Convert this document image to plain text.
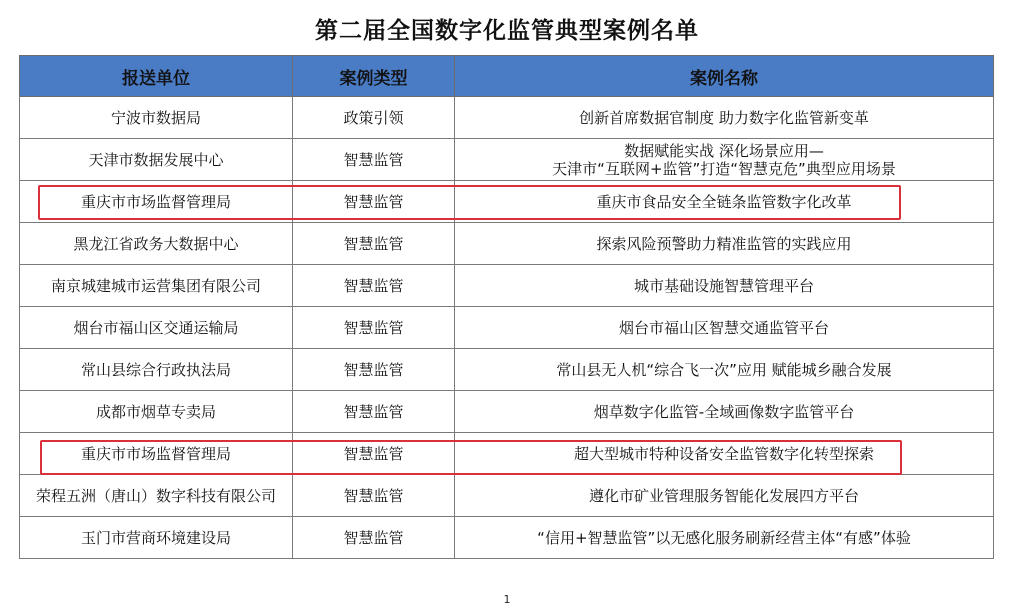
第二届全国数字化监管典型案例名单
报送单位	案例类型	案例名称
宁波市数据局	政策引领	创新首席数据官制度 助力数字化监管新变革
天津市数据发展中心	智慧监管	数据赋能实战 深化场景应用—
天津市“互联网+监管”打造“智慧克危”典型应用场景

重庆市市场监督管理局	智慧监管	重庆市食品安全全链条监管数字化改革
黑龙江省政务大数据中心	智慧监管	探索风险预警助力精准监管的实践应用
南京城建城市运营集团有限公司	智慧监管	城市基础设施智慧管理平台
烟台市福山区交通运输局	智慧监管	烟台市福山区智慧交通监管平台
常山县综合行政执法局	智慧监管	常山县无人机“综合飞一次”应用 赋能城乡融合发展
成都市烟草专卖局	智慧监管	烟草数字化监管-全域画像数字监管平台
重庆市市场监督管理局	智慧监管	超大型城市特种设备安全监管数字化转型探索
荣程五洲（唐山）数字科技有限公司	智慧监管	遵化市矿业管理服务智能化发展四方平台
玉门市营商环境建设局	智慧监管	“信用+智慧监管”以无感化服务刷新经营主体“有感”体验
1
